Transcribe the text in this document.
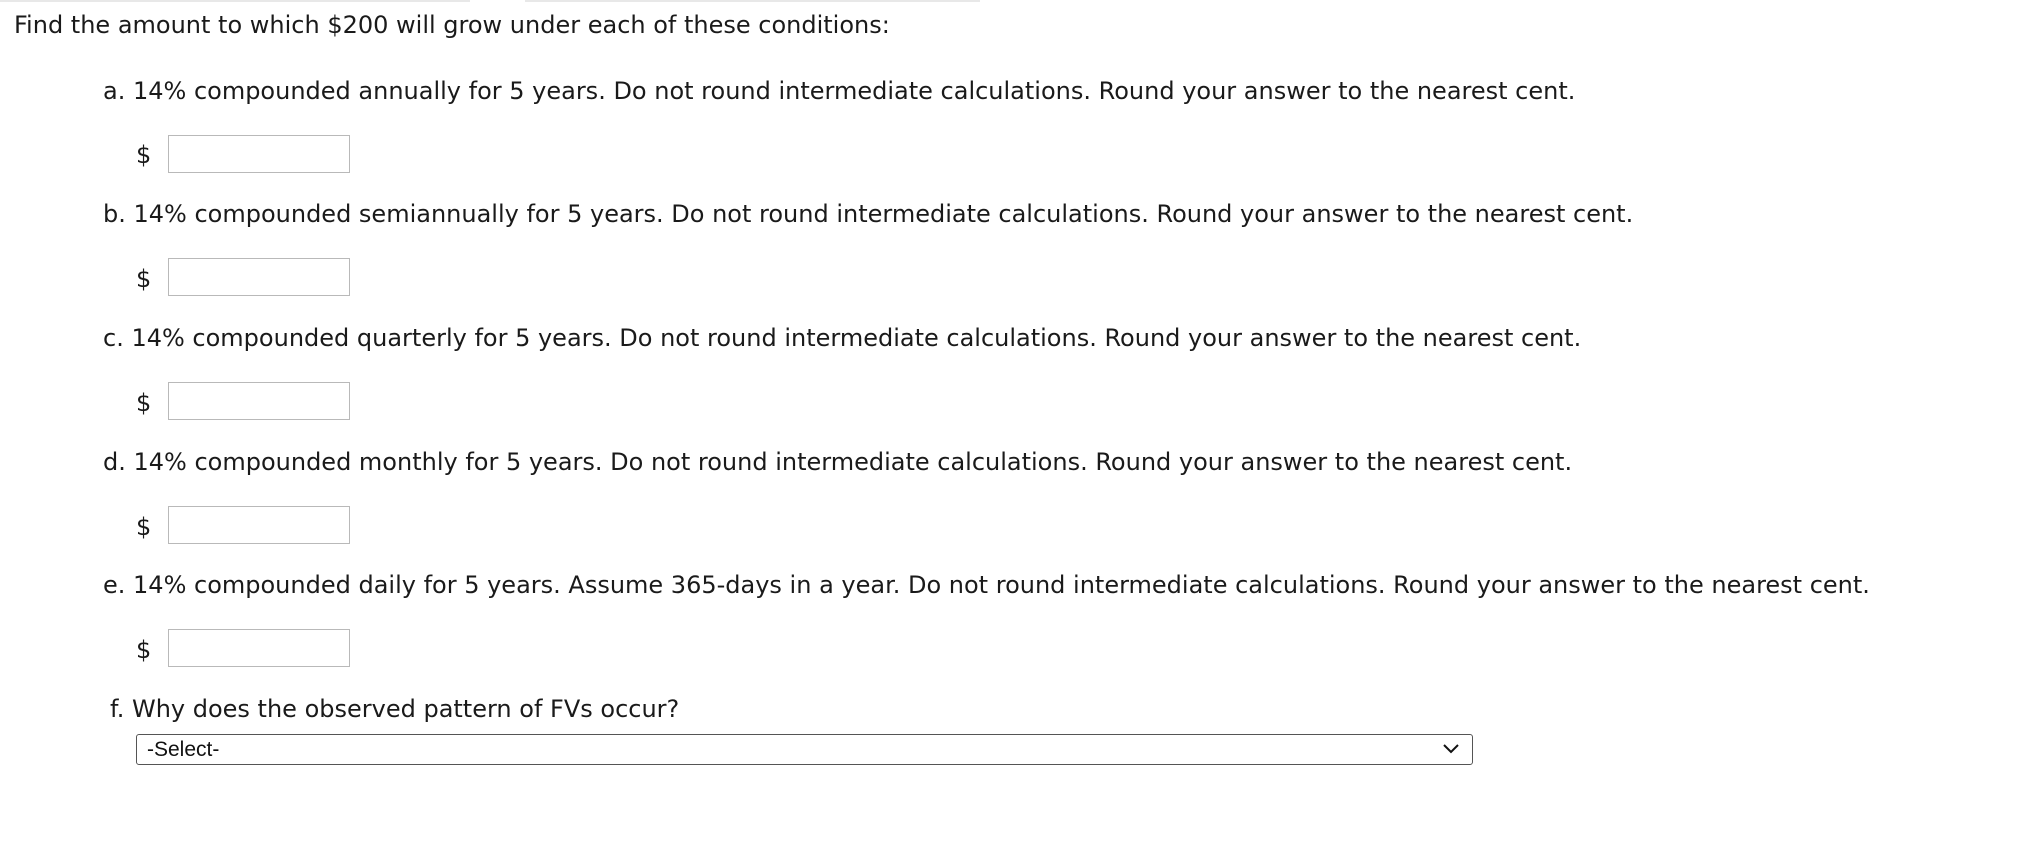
Find the amount to which $200 will grow under each of these conditions:
a. 14% compounded annually for 5 years. Do not round intermediate calculations. Round your answer to the nearest cent.
$
b. 14% compounded semiannually for 5 years. Do not round intermediate calculations. Round your answer to the nearest cent.
$
c. 14% compounded quarterly for 5 years. Do not round intermediate calculations. Round your answer to the nearest cent.
$
d. 14% compounded monthly for 5 years. Do not round intermediate calculations. Round your answer to the nearest cent.
$
e. 14% compounded daily for 5 years. Assume 365-days in a year. Do not round intermediate calculations. Round your answer to the nearest cent.
$
f. Why does the observed pattern of FVs occur?
-Select-
